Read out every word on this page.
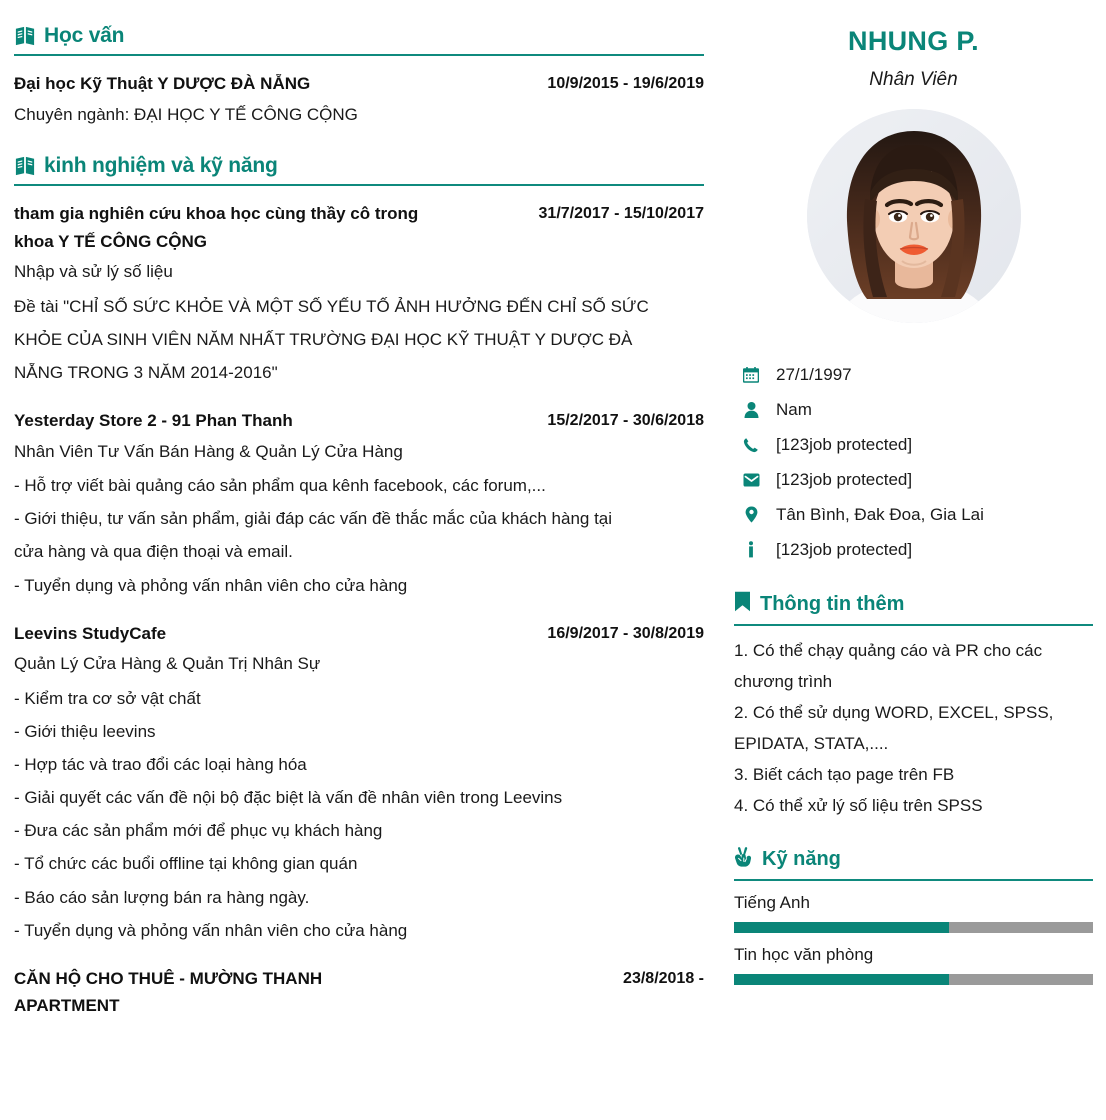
Học vấn
Đại học Kỹ Thuật Y DƯỢC ĐÀ NẴNG	10/9/2015 - 19/6/2019
Chuyên ngành: ĐẠI HỌC Y TẾ CÔNG CỘNG
kinh nghiệm và kỹ năng
tham gia nghiên cứu khoa học cùng thầy cô trong	31/7/2017 - 15/10/2017
khoa Y TẾ CÔNG CỘNG
Nhập và sử lý số liệu
Đề tài "CHỈ SỐ SỨC KHỎE VÀ MỘT SỐ YẾU TỐ ẢNH HƯỞNG ĐẾN CHỈ SỐ SỨC
KHỎE CỦA SINH VIÊN NĂM NHẤT TRƯỜNG ĐẠI HỌC KỸ THUẬT Y DƯỢC ĐÀ
NẴNG TRONG 3 NĂM 2014-2016"
Yesterday Store 2 - 91 Phan Thanh	15/2/2017 - 30/6/2018
Nhân Viên Tư Vấn Bán Hàng & Quản Lý Cửa Hàng
- Hỗ trợ viết bài quảng cáo sản phẩm qua kênh facebook, các forum,...
- Giới thiệu, tư vấn sản phẩm, giải đáp các vấn đề thắc mắc của khách hàng tại
cửa hàng và qua điện thoại và email.
- Tuyển dụng và phỏng vấn nhân viên cho cửa hàng
Leevins StudyCafe	16/9/2017 - 30/8/2019
Quản Lý Cửa Hàng & Quản Trị Nhân Sự
- Kiểm tra cơ sở vật chất
- Giới thiệu leevins
- Hợp tác và trao đổi các loại hàng hóa
- Giải quyết các vấn đề nội bộ đặc biệt là vấn đề nhân viên trong Leevins
- Đưa các sản phẩm mới để phục vụ khách hàng
- Tổ chức các buổi offline tại không gian quán
- Báo cáo sản lượng bán ra hàng ngày.
- Tuyển dụng và phỏng vấn nhân viên cho cửa hàng
CĂN HỘ CHO THUÊ - MƯỜNG THANH	23/8/2018 -
APARTMENT
NHUNG P.
Nhân Viên
27/1/1997
Nam
[123job protected]
[123job protected]
Tân Bình, Đak Đoa, Gia Lai
[123job protected]
Thông tin thêm
1. Có thể chạy quảng cáo và PR cho các
chương trình
2. Có thể sử dụng WORD, EXCEL, SPSS,
EPIDATA, STATA,....
3. Biết cách tạo page trên FB
4. Có thể xử lý số liệu trên SPSS
Kỹ năng
Tiếng Anh
Tin học văn phòng
